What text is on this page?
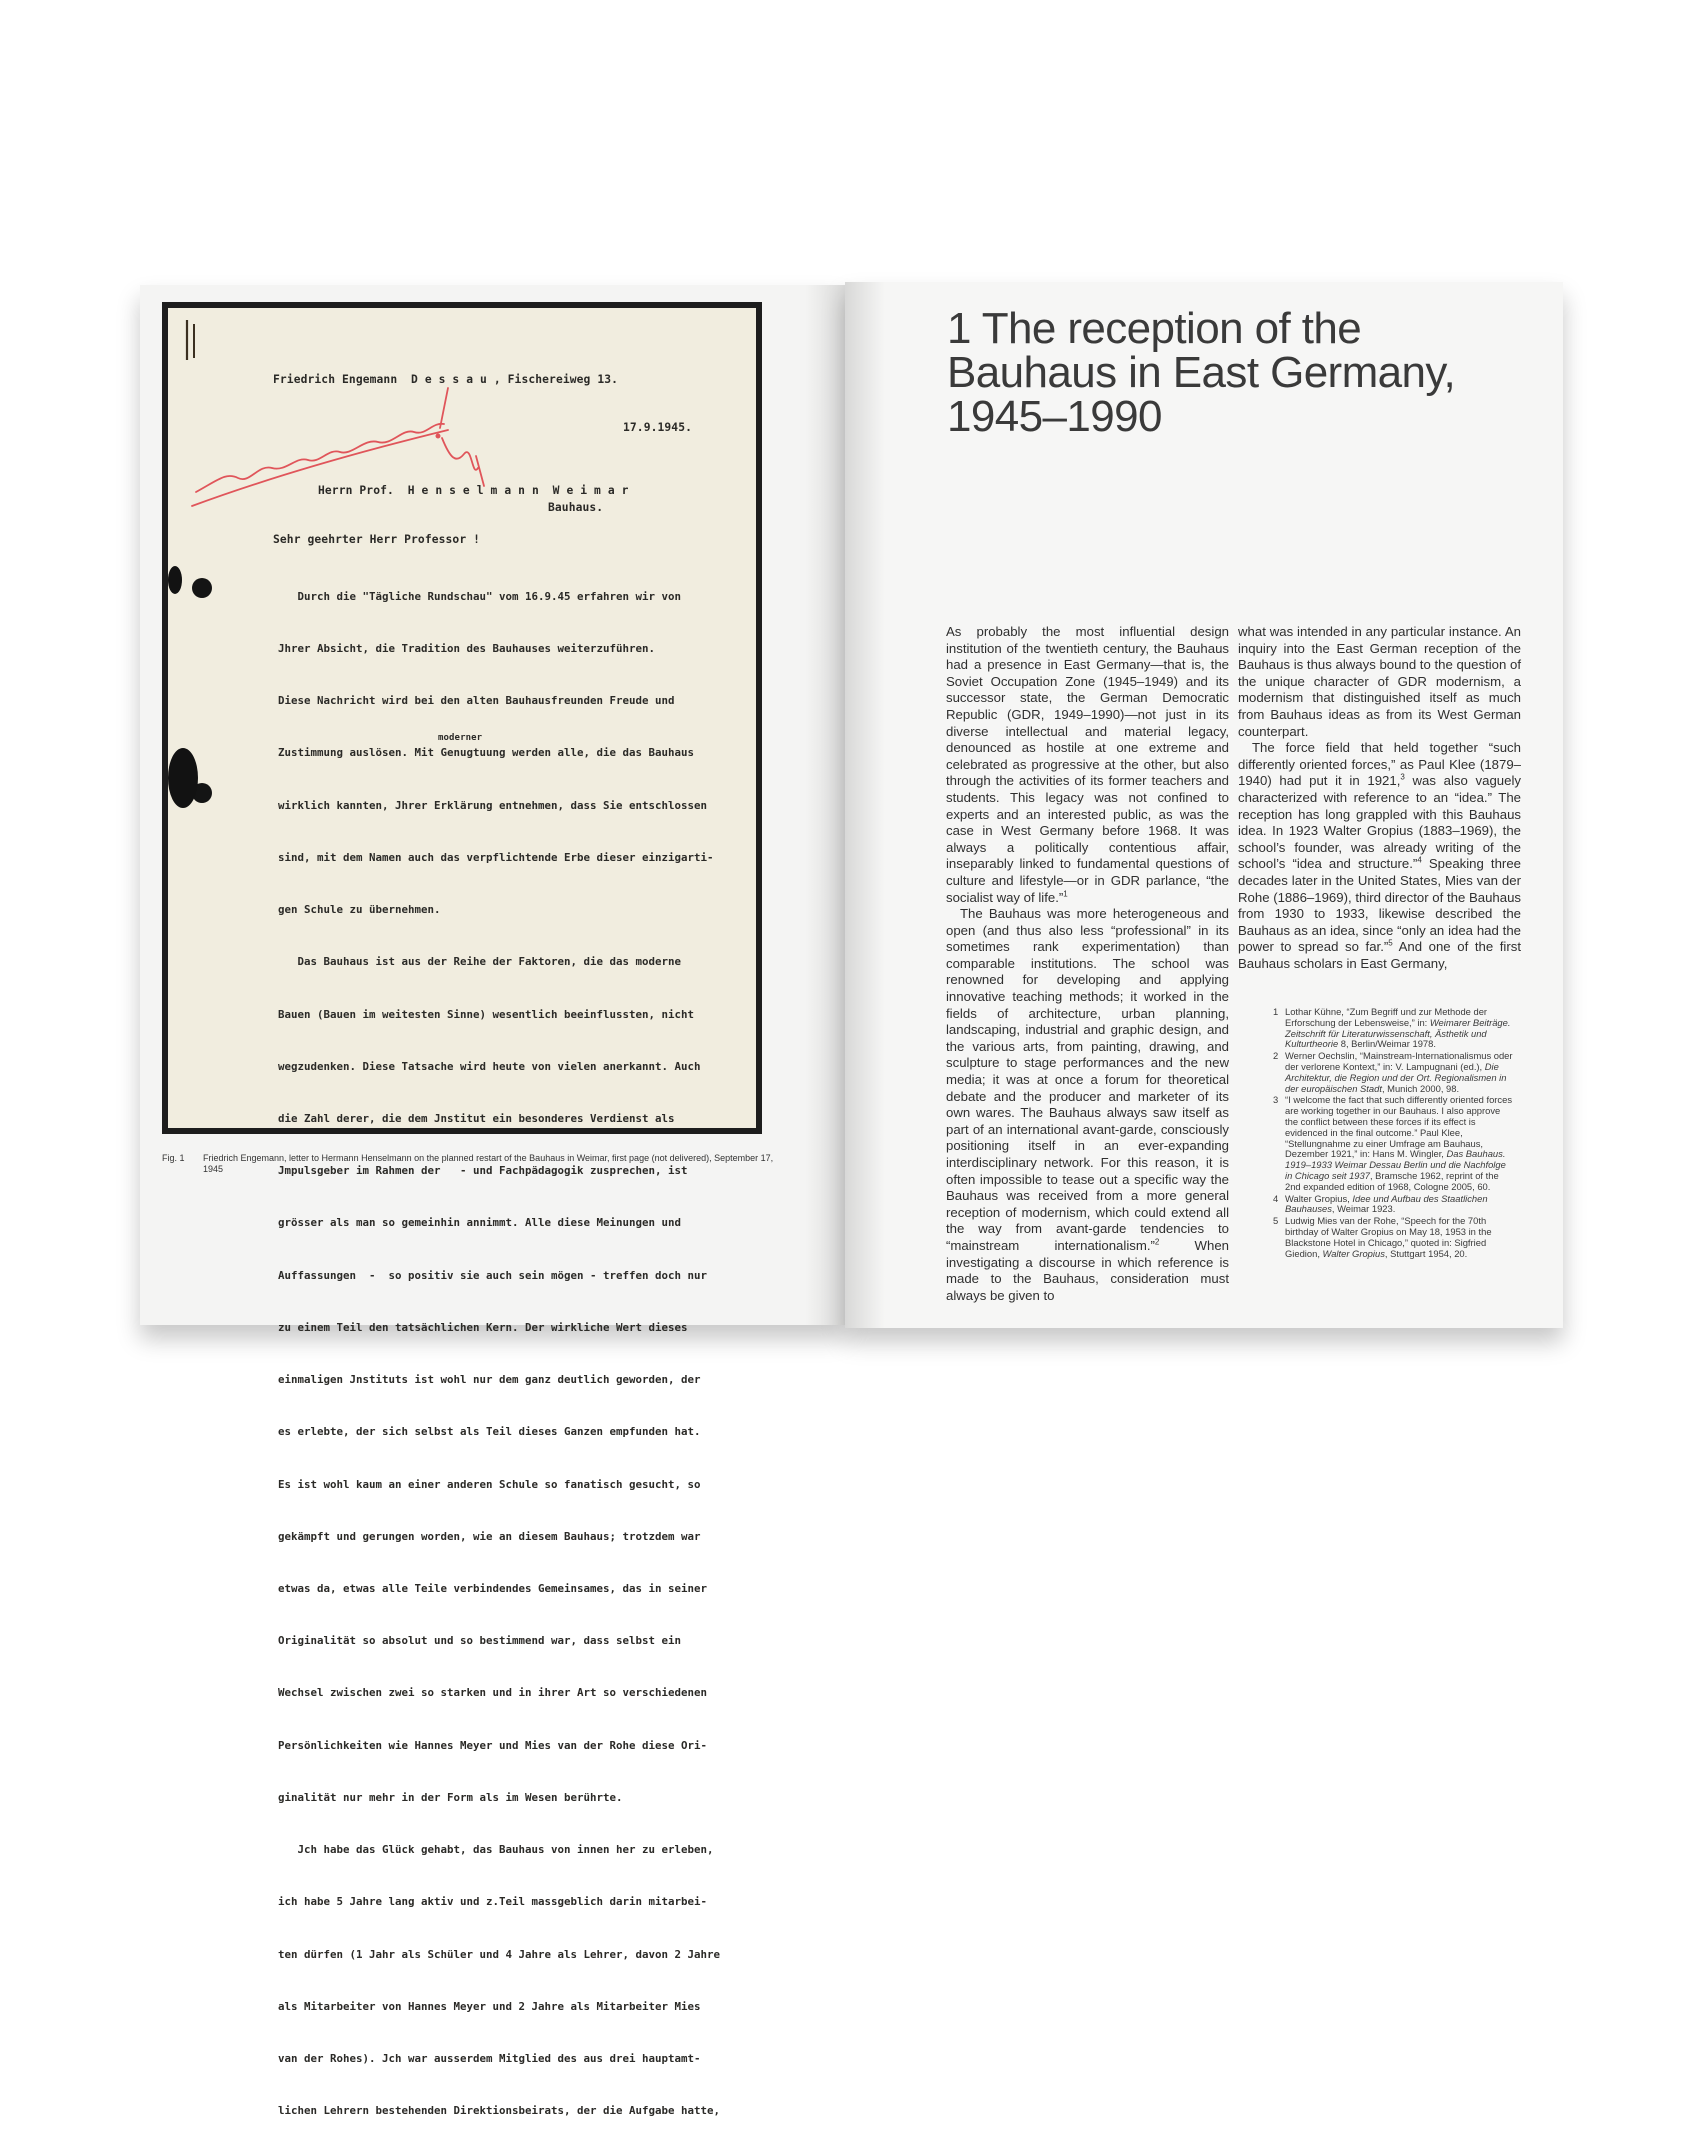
Friedrich Engemann  D e s s a u , Fischereiweg 13.
17.9.1945.
Herrn Prof.  H e n s e l m a n n  W e i m a r
Bauhaus.
Sehr geehrter Herr Professor !

Durch die "Tägliche Rundschau" vom 16.9.45 erfahren wir von

Jhrer Absicht, die Tradition des Bauhauses weiterzuführen.

Diese Nachricht wird bei den alten Bauhausfreunden Freude und

Zustimmung auslösen. Mit Genugtuung werden alle, die das Bauhaus

wirklich kannten, Jhrer Erklärung entnehmen, dass Sie entschlossen

sind, mit dem Namen auch das verpflichtende Erbe dieser einzigarti-

gen Schule zu übernehmen.

Das Bauhaus ist aus der Reihe der Faktoren, die das moderne

Bauen (Bauen im weitesten Sinne) wesentlich beeinflussten, nicht

wegzudenken. Diese Tatsache wird heute von vielen anerkannt. Auch

die Zahl derer, die dem Jnstitut ein besonderes Verdienst als

Jmpulsgeber im Rahmen der   - und Fachpädagogik zusprechen, ist

grösser als man so gemeinhin annimmt. Alle diese Meinungen und

Auffassungen  -  so positiv sie auch sein mögen - treffen doch nur

zu einem Teil den tatsächlichen Kern. Der wirkliche Wert dieses

einmaligen Jnstituts ist wohl nur dem ganz deutlich geworden, der

es erlebte, der sich selbst als Teil dieses Ganzen empfunden hat.

Es ist wohl kaum an einer anderen Schule so fanatisch gesucht, so

gekämpft und gerungen worden, wie an diesem Bauhaus; trotzdem war

etwas da, etwas alle Teile verbindendes Gemeinsames, das in seiner

Originalität so absolut und so bestimmend war, dass selbst ein

Wechsel zwischen zwei so starken und in ihrer Art so verschiedenen

Persönlichkeiten wie Hannes Meyer und Mies van der Rohe diese Ori-

ginalität nur mehr in der Form als im Wesen berührte.

Jch habe das Glück gehabt, das Bauhaus von innen her zu erleben,

ich habe 5 Jahre lang aktiv und z.Teil massgeblich darin mitarbei-

ten dürfen (1 Jahr als Schüler und 4 Jahre als Lehrer, davon 2 Jahre

als Mitarbeiter von Hannes Meyer und 2 Jahre als Mitarbeiter Mies

van der Rohes). Jch war ausserdem Mitglied des aus drei hauptamt-

lichen Lehrern bestehenden Direktionsbeirats, der die Aufgabe hatte,

moderner
Fig. 1	Friedrich Engemann, letter to Hermann Henselmann on the planned restart of the Bauhaus in Weimar, first page (not delivered), September 17, 1945
1 The reception of the
Bauhaus in East Germany,
1945–1990

As probably the most influential design institution of the twentieth century, the Bauhaus had a presence in East Germany—that is, the Soviet Occupation Zone (1945–1949) and its successor state, the German Democratic Republic (GDR, 1949–1990)—not just in its diverse intellectual and material legacy, denounced as hostile at one extreme and celebrated as progressive at the other, but also through the activities of its former teachers and students. This legacy was not confined to experts and an interested public, as was the case in West Germany before 1968. It was always a politically contentious affair, inseparably linked to fundamental questions of culture and lifestyle—or in GDR parlance, “the socialist way of life.”$^1$

The Bauhaus was more heterogeneous and open (and thus also less “professional” in its sometimes rank experimentation) than comparable institutions. The school was renowned for developing and applying innovative teaching methods; it worked in the fields of architecture, urban planning, landscaping, industrial and graphic design, and the various arts, from painting, drawing, and sculpture to stage performances and the new media; it was at once a forum for theoretical debate and the producer and marketer of its own wares. The Bauhaus always saw itself as part of an international avant-garde, consciously positioning itself in an ever-expanding interdisciplinary network. For this reason, it is often impossible to tease out a specific way the Bauhaus was received from a more general reception of modernism, which could extend all the way from avant-garde tendencies to “mainstream internationalism.”$^2$ When investigating a discourse in which reference is made to the Bauhaus, consideration must always be given to

what was intended in any particular instance. An inquiry into the East German reception of the Bauhaus is thus always bound to the question of the unique character of GDR modernism, a modernism that distinguished itself as much from Bauhaus ideas as from its West German counterpart.

The force field that held together “such differently oriented forces,” as Paul Klee (1879–1940) had put it in 1921,$^3$ was also vaguely characterized with reference to an “idea.” The reception has long grappled with this Bauhaus idea. In 1923 Walter Gropius (1883–1969), the school’s founder, was already writing of the school’s “idea and structure.”$^4$ Speaking three decades later in the United States, Mies van der Rohe (1886–1969), third director of the Bauhaus from 1930 to 1933, likewise described the Bauhaus as an idea, since “only an idea had the power to spread so far.”$^5$ And one of the first Bauhaus scholars in East Germany,

1 Lothar Kühne, “Zum Begriff und zur Methode der Erforschung der Lebensweise,” in: Weimarer Beiträge. Zeitschrift für Literaturwissenschaft, Ästhetik und Kulturtheorie 8, Berlin/Weimar 1978.
2 Werner Oechslin, “Mainstream-Internationalismus oder der verlorene Kontext,” in: V. Lampugnani (ed.), Die Architektur, die Region und der Ort. Regionalismen in der europäischen Stadt, Munich 2000, 98.
3 “I welcome the fact that such differently oriented forces are working together in our Bauhaus. I also approve the conflict between these forces if its effect is evidenced in the final outcome.” Paul Klee, “Stellungnahme zu einer Umfrage am Bauhaus, Dezember 1921,” in: Hans M. Wingler, Das Bauhaus. 1919–1933 Weimar Dessau Berlin und die Nachfolge in Chicago seit 1937, Bramsche 1962, reprint of the 2nd expanded edition of 1968, Cologne 2005, 60.
4 Walter Gropius, Idee und Aufbau des Staatlichen Bauhauses, Weimar 1923.
5 Ludwig Mies van der Rohe, “Speech for the 70th birthday of Walter Gropius on May 18, 1953 in the Blackstone Hotel in Chicago,” quoted in: Sigfried Giedion, Walter Gropius, Stuttgart 1954, 20.
